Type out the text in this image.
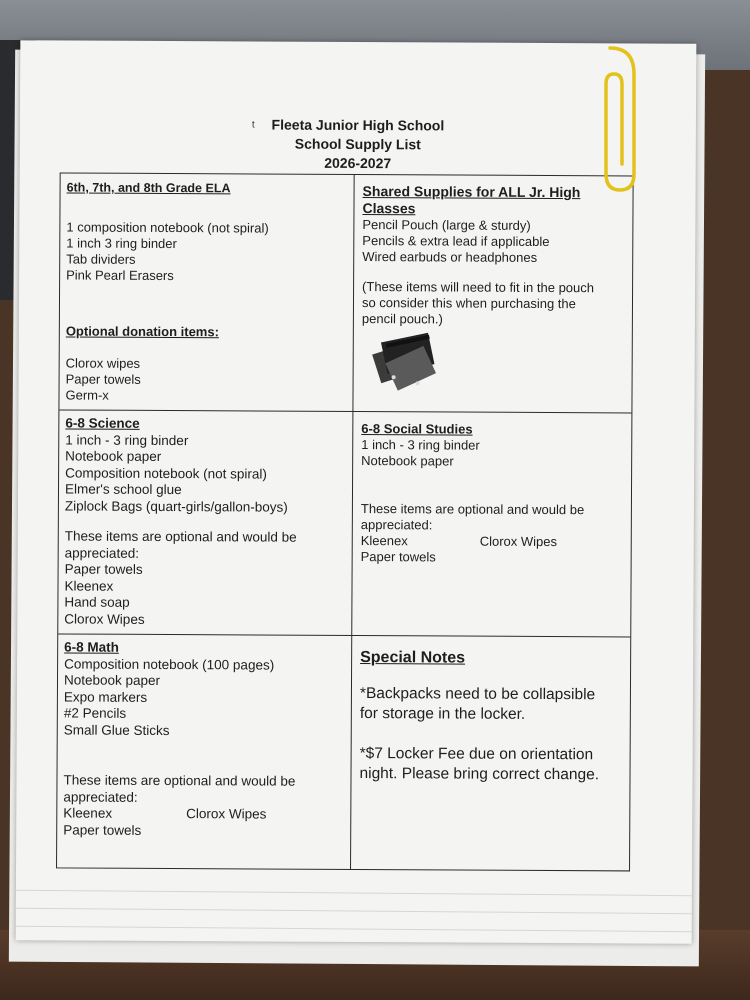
t	Fleeta Junior High School
School Supply List
2026-2027
6th, 7th, and 8th Grade ELA
1 composition notebook (not spiral)
1 inch 3 ring binder
Tab dividers
Pink Pearl Erasers
Optional donation items:
Clorox wipes
Paper towels
Germ-x
Shared Supplies for ALL Jr. High
Classes
Pencil Pouch (large & sturdy)
Pencils & extra lead if applicable
Wired earbuds or headphones
(These items will need to fit in the pouch
so consider this when purchasing the
pencil pouch.)
6-8 Science
1 inch - 3 ring binder
Notebook paper
Composition notebook (not spiral)
Elmer's school glue
Ziplock Bags (quart-girls/gallon-boys)
These items are optional and would be
appreciated:
Paper towels
Kleenex
Hand soap
Clorox Wipes
6-8 Social Studies
1 inch - 3 ring binder
Notebook paper
These items are optional and would be
appreciated:
Kleenex	Clorox Wipes
Paper towels
6-8 Math
Composition notebook (100 pages)
Notebook paper
Expo markers
#2 Pencils
Small Glue Sticks
These items are optional and would be
appreciated:
Kleenex	Clorox Wipes
Paper towels
Special Notes
*Backpacks need to be collapsible
for storage in the locker.
*$7 Locker Fee due on orientation
night. Please bring correct change.
